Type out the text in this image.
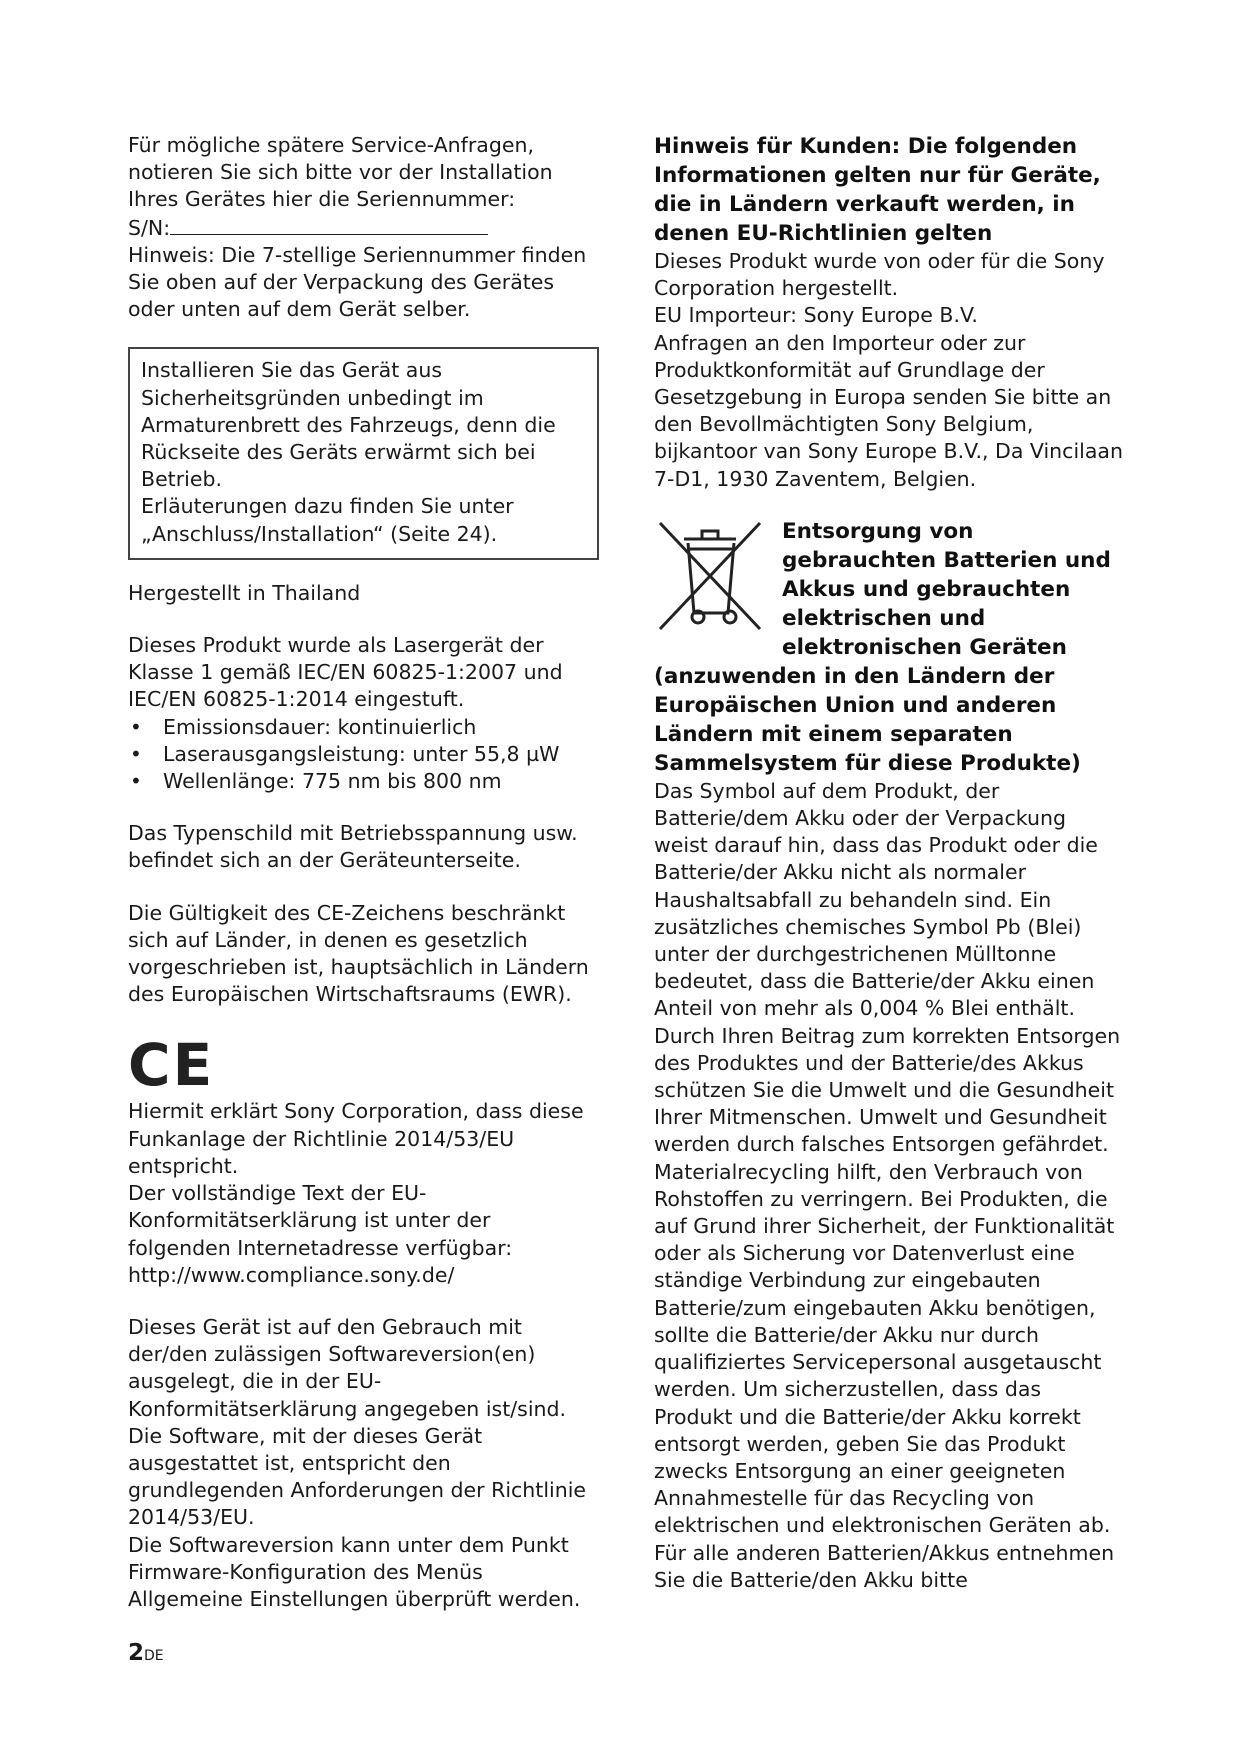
Für mögliche spätere Service-Anfragen, notieren Sie sich bitte vor der Installation Ihres Gerätes hier die Seriennummer:

S/N:

Hinweis: Die 7-stellige Seriennummer finden Sie oben auf der Verpackung des Gerätes oder unten auf dem Gerät selber.

Installieren Sie das Gerät aus Sicherheitsgründen unbedingt im Armaturenbrett des Fahrzeugs, denn die Rückseite des Geräts erwärmt sich bei Betrieb.

Erläuterungen dazu finden Sie unter „Anschluss/Installation“ (Seite 24).

Hergestellt in Thailand

Dieses Produkt wurde als Lasergerät der Klasse 1 gemäß IEC/EN 60825-1:2007 und IEC/EN 60825-1:2014 eingestuft.

• Emissionsdauer: kontinuierlich
• Laserausgangsleistung: unter 55,8 µW
• Wellenlänge: 775 nm bis 800 nm

Das Typenschild mit Betriebsspannung usw. befindet sich an der Geräteunterseite.

Die Gültigkeit des CE-Zeichens beschränkt sich auf Länder, in denen es gesetzlich vorgeschrieben ist, hauptsächlich in Ländern des Europäischen Wirtschaftsraums (EWR).

CE

Hiermit erklärt Sony Corporation, dass diese Funkanlage der Richtlinie 2014/53/EU entspricht.

Der vollständige Text der EU-Konformitätserklärung ist unter der folgenden Internetadresse verfügbar:

http://www.compliance.sony.de/

Dieses Gerät ist auf den Gebrauch mit der/den zulässigen Softwareversion(en) ausgelegt, die in der EU-Konformitätserklärung angegeben ist/sind.

Die Software, mit der dieses Gerät ausgestattet ist, entspricht den grundlegenden Anforderungen der Richtlinie 2014/53/EU.

Die Softwareversion kann unter dem Punkt Firmware-Konfiguration des Menüs Allgemeine Einstellungen überprüft werden.

Hinweis für Kunden: Die folgenden Informationen gelten nur für Geräte, die in Ländern verkauft werden, in denen EU-Richtlinien gelten

Dieses Produkt wurde von oder für die Sony Corporation hergestellt.

EU Importeur: Sony Europe B.V.

Anfragen an den Importeur oder zur Produktkonformität auf Grundlage der Gesetzgebung in Europa senden Sie bitte an den Bevollmächtigten Sony Belgium, bijkantoor van Sony Europe B.V., Da Vincilaan 7-D1, 1930 Zaventem, Belgien.

Entsorgung von gebrauchten Batterien und Akkus und gebrauchten elektrischen und elektronischen Geräten
(anzuwenden in den Ländern der Europäischen Union und anderen Ländern mit einem separaten Sammelsystem für diese Produkte)

Das Symbol auf dem Produkt, der Batterie/dem Akku oder der Verpackung weist darauf hin, dass das Produkt oder die Batterie/der Akku nicht als normaler Haushaltsabfall zu behandeln sind. Ein zusätzliches chemisches Symbol Pb (Blei) unter der durchgestrichenen Mülltonne bedeutet, dass die Batterie/der Akku einen Anteil von mehr als 0,004 % Blei enthält. Durch Ihren Beitrag zum korrekten Entsorgen des Produktes und der Batterie/des Akkus schützen Sie die Umwelt und die Gesundheit Ihrer Mitmenschen. Umwelt und Gesundheit werden durch falsches Entsorgen gefährdet. Materialrecycling hilft, den Verbrauch von Rohstoffen zu verringern. Bei Produkten, die auf Grund ihrer Sicherheit, der Funktionalität oder als Sicherung vor Datenverlust eine ständige Verbindung zur eingebauten Batterie/zum eingebauten Akku benötigen, sollte die Batterie/der Akku nur durch qualifiziertes Servicepersonal ausgetauscht werden. Um sicherzustellen, dass das Produkt und die Batterie/der Akku korrekt entsorgt werden, geben Sie das Produkt zwecks Entsorgung an einer geeigneten Annahmestelle für das Recycling von elektrischen und elektronischen Geräten ab. Für alle anderen Batterien/Akkus entnehmen Sie die Batterie/den Akku bitte

2DE
